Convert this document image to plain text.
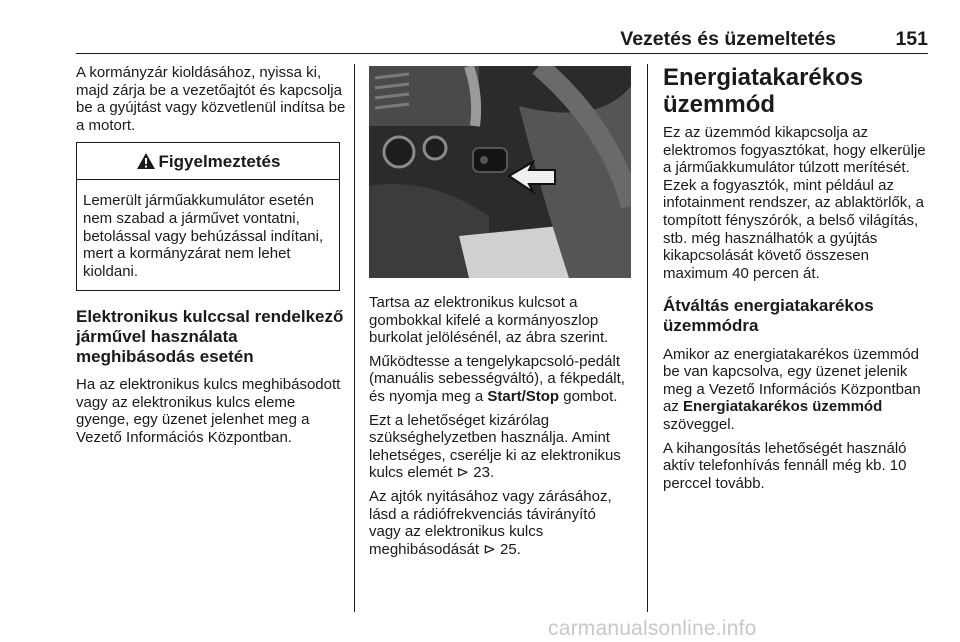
Vezetés és üzemeltetés	151

A kormányzár kioldásához, nyissa ki, majd zárja be a vezetőajtót és kapcsolja be a gyújtást vagy közvetlenül indítsa be a motort.

Figyelmeztetés
Lemerült járműakkumulátor esetén nem szabad a járművet vontatni, betolással vagy behúzással indítani, mert a kormányzárat nem lehet kioldani.
Elektronikus kulccsal rendelkező járművel használata meghibásodás esetén

Ha az elektronikus kulcs meghibásodott vagy az elektronikus kulcs eleme gyenge, egy üzenet jelenhet meg a Vezető Információs Központban.

Tartsa az elektronikus kulcsot a gombokkal kifelé a kormányoszlop burkolat jelölésénél, az ábra szerint.

Működtesse a tengelykapcsoló-pedált (manuális sebességváltó), a fékpedált, és nyomja meg a Start/Stop gombot.

Ezt a lehetőséget kizárólag szükséghelyzetben használja. Amint lehetséges, cserélje ki az elektronikus kulcs elemét ⊳ 23.

Az ajtók nyitásához vagy zárásához, lásd a rádiófrekvenciás távirányító vagy az elektronikus kulcs meghibásodását ⊳ 25.

Energiatakarékos üzemmód

Ez az üzemmód kikapcsolja az elektromos fogyasztókat, hogy elkerülje a járműakkumulátor túlzott merítését. Ezek a fogyasztók, mint például az infotainment rendszer, az ablaktörlők, a tompított fényszórók, a belső világítás, stb. még használhatók a gyújtás kikapcsolását követő összesen maximum 40 percen át.

Átváltás energiatakarékos üzemmódra

Amikor az energiatakarékos üzemmód be van kapcsolva, egy üzenet jelenik meg a Vezető Információs Központban az Energiatakarékos üzemmód szöveggel.

A kihangosítás lehetőségét használó aktív telefonhívás fennáll még kb. 10 perccel tovább.

carmanualsonline.info
